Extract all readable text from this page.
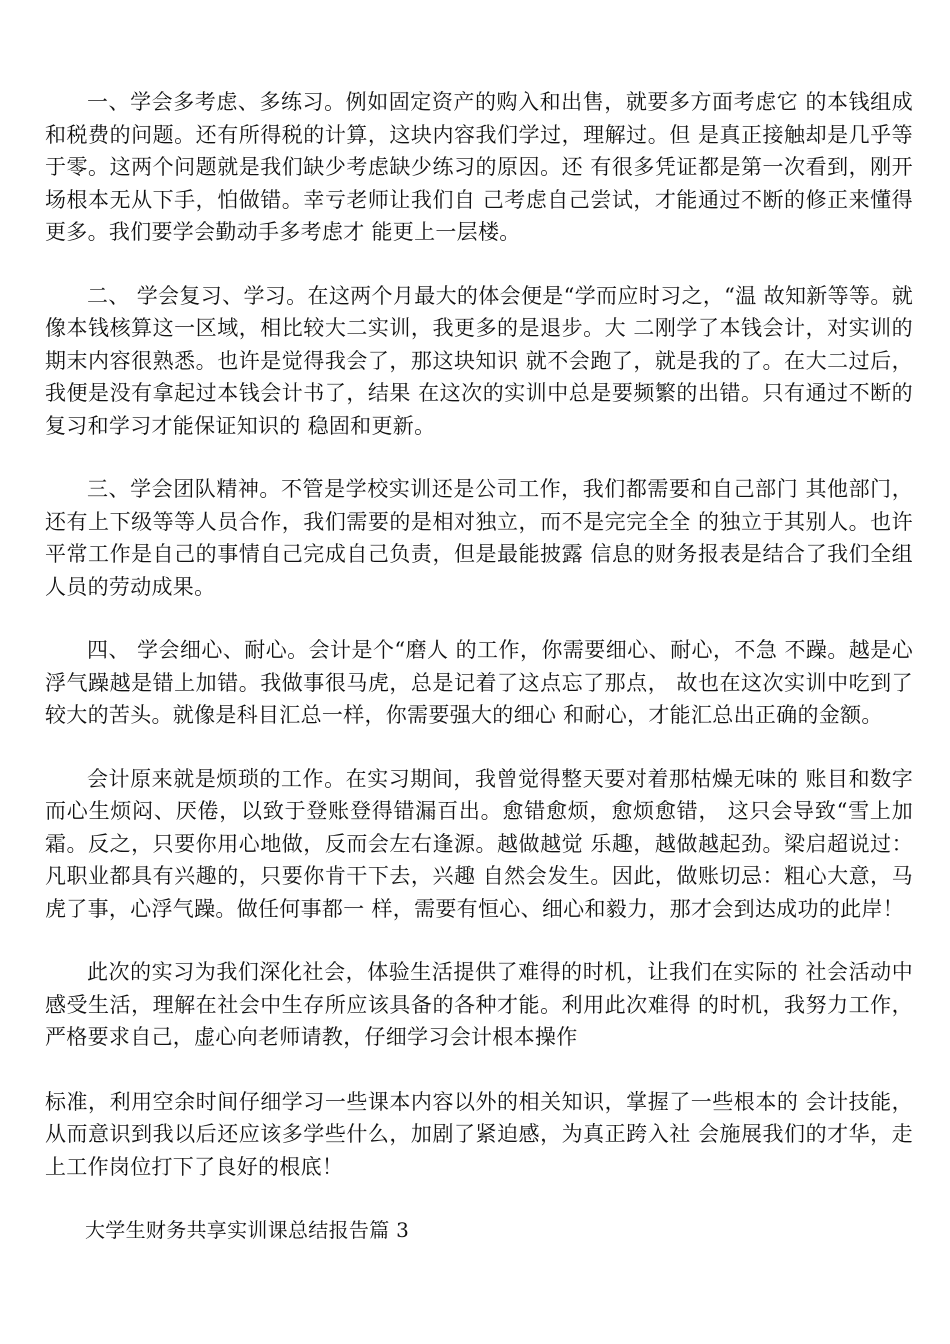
一、学会多考虑、多练习。例如固定资产的购入和出售，就要多方面考虑它 的本钱组成和税费的问题。还有所得税的计算，这块内容我们学过，理解过。但 是真正接触却是几乎等于零。这两个问题就是我们缺少考虑缺少练习的原因。还 有很多凭证都是第一次看到，刚开场根本无从下手，怕做错。幸亏老师让我们自 己考虑自己尝试，才能通过不断的修正来懂得更多。我们要学会勤动手多考虑才 能更上一层楼。

二、 学会复习、学习。在这两个月最大的体会便是“学而应时习之，“温 故知新等等。就像本钱核算这一区域，相比较大二实训，我更多的是退步。大 二刚学了本钱会计，对实训的期末内容很熟悉。也许是觉得我会了，那这块知识 就不会跑了，就是我的了。在大二过后，我便是没有拿起过本钱会计书了，结果 在这次的实训中总是要频繁的出错。只有通过不断的复习和学习才能保证知识的 稳固和更新。

三、学会团队精神。不管是学校实训还是公司工作，我们都需要和自己部门 其他部门，还有上下级等等人员合作，我们需要的是相对独立，而不是完完全全 的独立于其别人。也许平常工作是自己的事情自己完成自己负责，但是最能披露 信息的财务报表是结合了我们全组人员的劳动成果。

四、 学会细心、耐心。会计是个“磨人 的工作，你需要细心、耐心，不急 不躁。越是心浮气躁越是错上加错。我做事很马虎，总是记着了这点忘了那点， 故也在这次实训中吃到了较大的苦头。就像是科目汇总一样，你需要强大的细心 和耐心，才能汇总出正确的金额。

会计原来就是烦琐的工作。在实习期间，我曾觉得整天要对着那枯燥无味的 账目和数字而心生烦闷、厌倦，以致于登账登得错漏百出。愈错愈烦，愈烦愈错， 这只会导致“雪上加霜。反之，只要你用心地做，反而会左右逢源。越做越觉 乐趣，越做越起劲。梁启超说过：凡职业都具有兴趣的，只要你肯干下去，兴趣 自然会发生。因此，做账切忌：粗心大意，马虎了事，心浮气躁。做任何事都一 样，需要有恒心、细心和毅力，那才会到达成功的此岸！

此次的实习为我们深化社会，体验生活提供了难得的时机，让我们在实际的 社会活动中感受生活，理解在社会中生存所应该具备的各种才能。利用此次难得 的时机，我努力工作，严格要求自己，虚心向老师请教，仔细学习会计根本操作

标准，利用空余时间仔细学习一些课本内容以外的相关知识，掌握了一些根本的 会计技能，从而意识到我以后还应该多学些什么，加剧了紧迫感，为真正跨入社 会施展我们的才华，走上工作岗位打下了良好的根底！

大学生财务共享实训课总结报告篇 3
